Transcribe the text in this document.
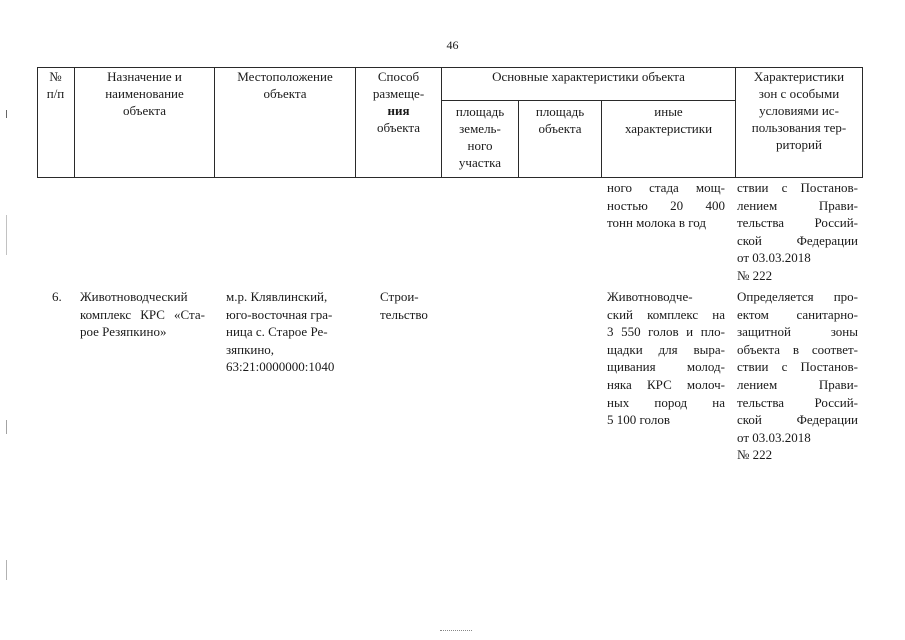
46
№
п/п
Назначение и
наименование
объекта
Местоположение
объекта
Способ
размеще-
ния
объекта
Основные характеристики объекта
площадь
земель-
ного
участка
площадь
объекта
иные
характеристики
Характеристики
зон с особыми
условиями ис-
пользования тер-
риторий
ного стада мощ-
ностью 20 400
тонн молока в год
ствии с Постанов-
лением Прави-
тельства Россий-
ской Федерации
от 03.03.2018
№ 222
6.	Животноводческий
комплекс КРС «Ста-
рое Резяпкино»
м.р. Клявлинский,
юго-восточная гра-
ница с. Старое Ре-
зяпкино,
63:21:0000000:1040
Строи-
тельство
Животноводче-
ский комплекс на
3 550 голов и пло-
щадки для выра-
щивания молод-
няка КРС молоч-
ных пород на
5 100 голов
Определяется про-
ектом санитарно-
защитной зоны
объекта в соответ-
ствии с Постанов-
лением Прави-
тельства Россий-
ской Федерации
от 03.03.2018
№ 222
